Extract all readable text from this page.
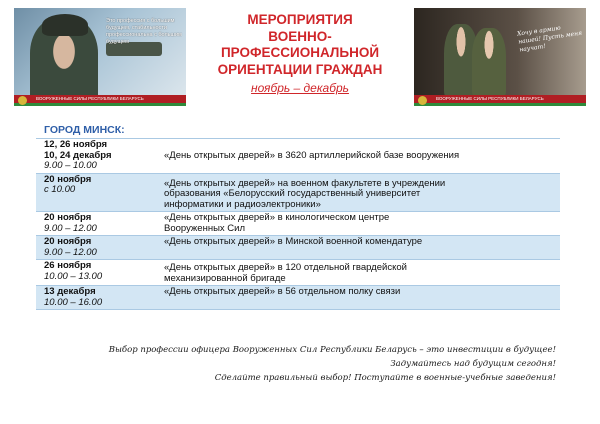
Это профессия с большим будущем, стабильности профессиональна с большим будущем
ВООРУЖЕННЫЕ СИЛЫ РЕСПУБЛИКИ БЕЛАРУСЬ

МЕРОПРИЯТИЯ

ВОЕННО-ПРОФЕССИОНАЛЬНОЙ

ОРИЕНТАЦИИ ГРАЖДАН

ноябрь – декабрь
Хочу в армию нашей! Пусть меня научат!
ВООРУЖЕННЫЕ СИЛЫ РЕСПУБЛИКИ БЕЛАРУСЬ
ГОРОД МИНСК:
12, 26 ноября
10, 24 декабря
9.00 – 10.00
«День открытых дверей» в 3620 артиллерийской базе вооружения
20 ноября
с 10.00
«День открытых дверей» на военном факультете в учреждении
образования «Белорусский государственный университет
информатики и радиоэлектроники»
20 ноября
9.00 – 12.00
«День открытых дверей» в кинологическом центре
Вооруженных Сил
20 ноября
9.00 – 12.00
«День открытых дверей» в Минской военной комендатуре
26 ноября
10.00 – 13.00
«День открытых дверей» в 120 отдельной гвардейской
механизированной бригаде
13 декабря
10.00 – 16.00
«День открытых дверей» в 56 отдельном полку связи
Выбор профессии офицера Вооруженных Сил Республики Беларусь – это инвестиции в будущее!
Задумайтесь над будущим сегодня!
Сделайте правильный выбор! Поступайте в военные-учебные заведения!
